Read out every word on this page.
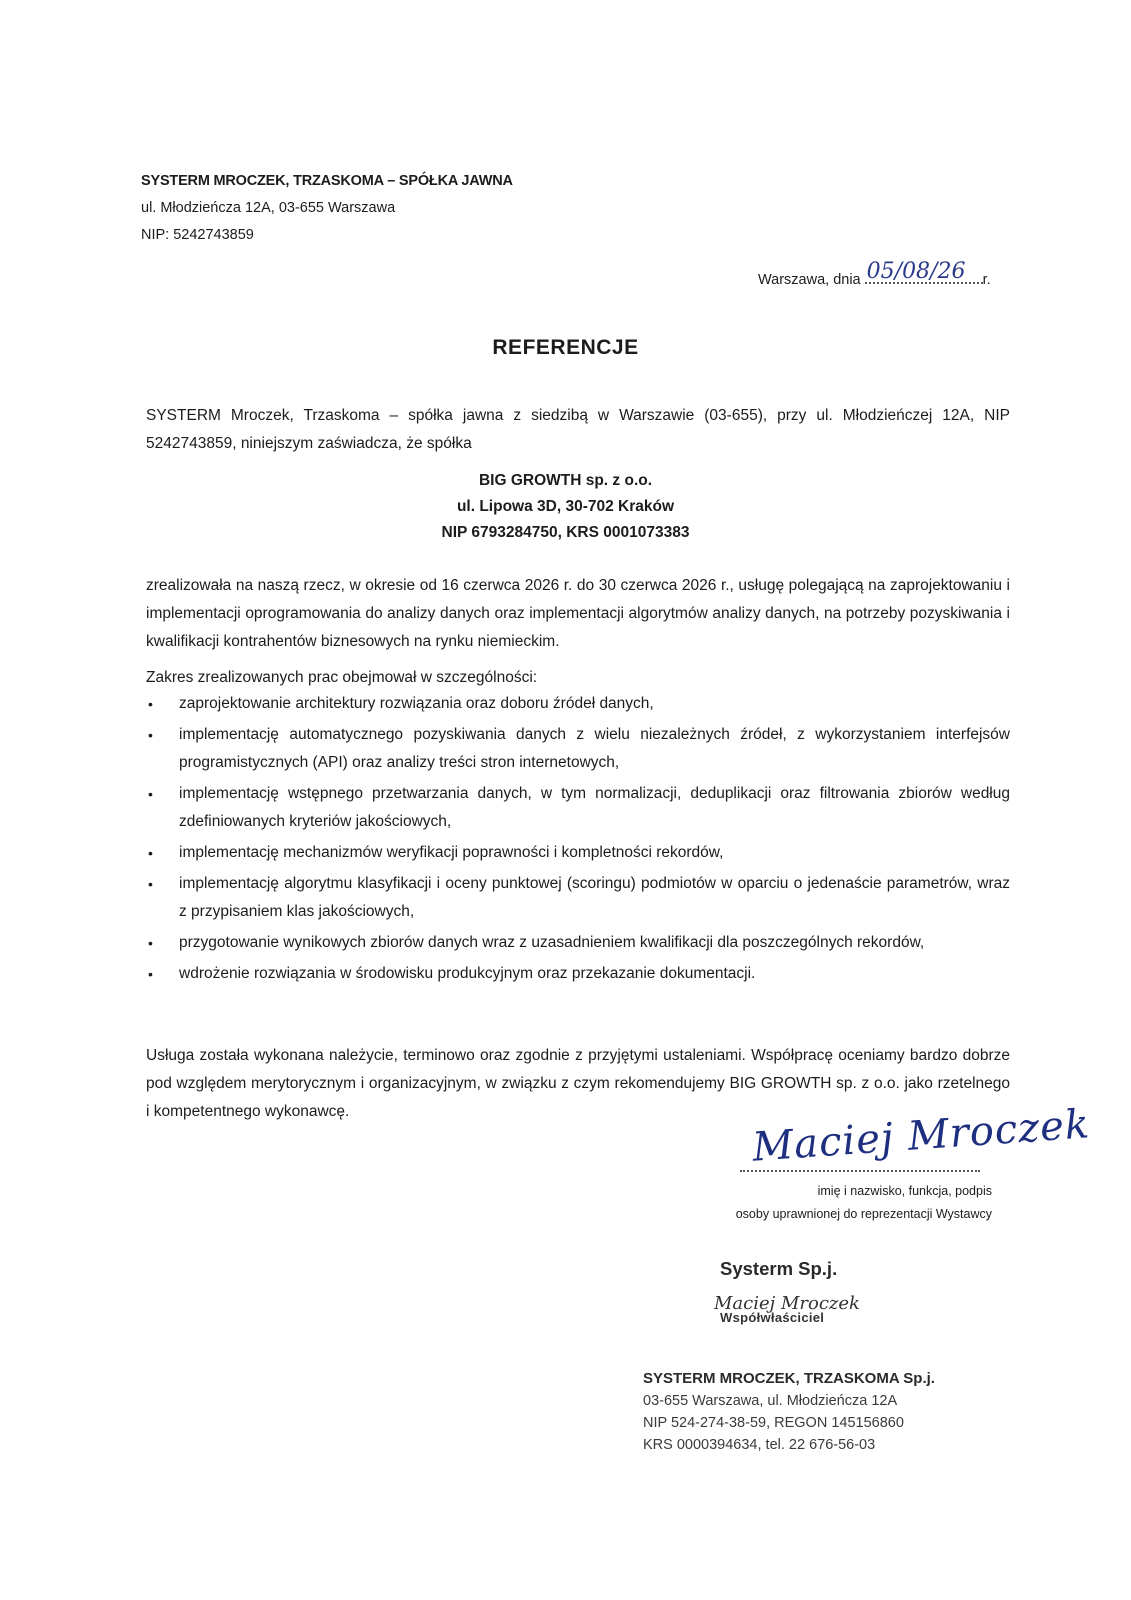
SYSTERM MROCZEK, TRZASKOMA – SPÓŁKA JAWNA
ul. Młodzieńcza 12A, 03-655 Warszawa
NIP: 5242743859
Warszawa, dnia 05/08/26 r.
REFERENCJE
SYSTERM Mroczek, Trzaskoma – spółka jawna z siedzibą w Warszawie (03-655), przy ul. Młodzieńczej 12A, NIP 5242743859, niniejszym zaświadcza, że spółka
BIG GROWTH sp. z o.o.
ul. Lipowa 3D, 30-702 Kraków
NIP 6793284750, KRS 0001073383
zrealizowała na naszą rzecz, w okresie od 16 czerwca 2026 r. do 30 czerwca 2026 r., usługę polegającą na zaprojektowaniu i implementacji oprogramowania do analizy danych oraz implementacji algorytmów analizy danych, na potrzeby pozyskiwania i kwalifikacji kontrahentów biznesowych na rynku niemieckim.
Zakres zrealizowanych prac obejmował w szczególności:
• zaprojektowanie architektury rozwiązania oraz doboru źródeł danych,
• implementację automatycznego pozyskiwania danych z wielu niezależnych źródeł, z wykorzystaniem interfejsów programistycznych (API) oraz analizy treści stron internetowych,
• implementację wstępnego przetwarzania danych, w tym normalizacji, deduplikacji oraz filtrowania zbiorów według zdefiniowanych kryteriów jakościowych,
• implementację mechanizmów weryfikacji poprawności i kompletności rekordów,
• implementację algorytmu klasyfikacji i oceny punktowej (scoringu) podmiotów w oparciu o jedenaście parametrów, wraz z przypisaniem klas jakościowych,
• przygotowanie wynikowych zbiorów danych wraz z uzasadnieniem kwalifikacji dla poszczególnych rekordów,
• wdrożenie rozwiązania w środowisku produkcyjnym oraz przekazanie dokumentacji.
Usługa została wykonana należycie, terminowo oraz zgodnie z przyjętymi ustaleniami. Współpracę oceniamy bardzo dobrze pod względem merytorycznym i organizacyjnym, w związku z czym rekomendujemy BIG GROWTH sp. z o.o. jako rzetelnego i kompetentnego wykonawcę.	Maciej Mroczek
imię i nazwisko, funkcja, podpis
osoby uprawnionej do reprezentacji Wystawcy
Systerm Sp.j.
Maciej Mroczek
Współwłaściciel
SYSTERM MROCZEK, TRZASKOMA Sp.j.
03-655 Warszawa, ul. Młodzieńcza 12A
NIP 524-274-38-59, REGON 145156860
KRS 0000394634, tel. 22 676-56-03
